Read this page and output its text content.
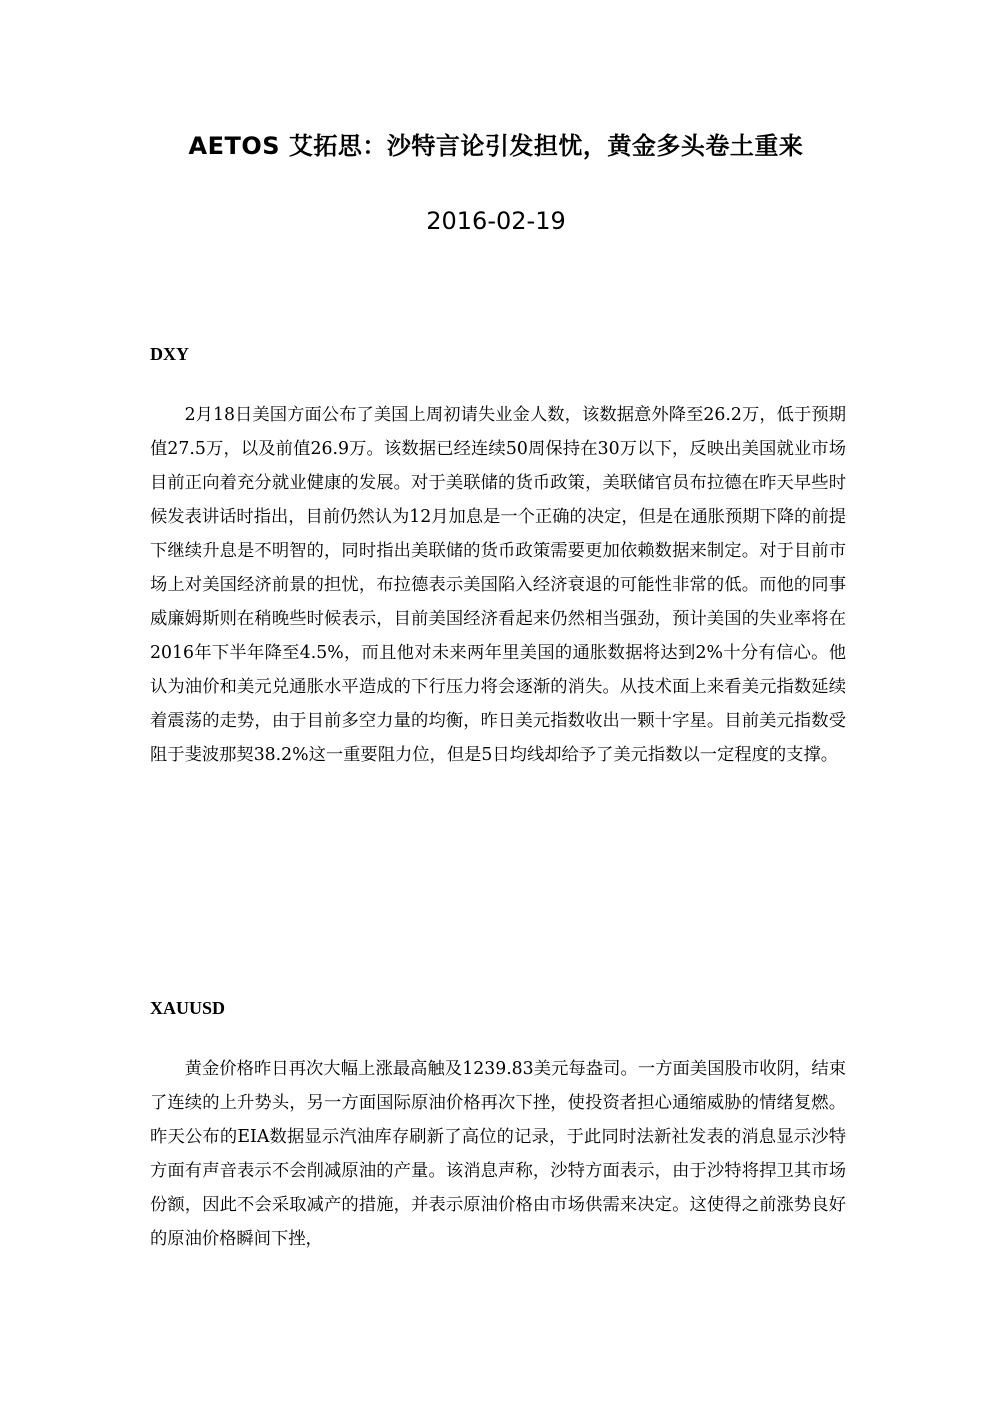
AETOS 艾拓思：沙特言论引发担忧，黄金多头卷土重来
2016-02-19
DXY

2月18日美国方面公布了美国上周初请失业金人数，该数据意外降至26.2万，低于预期值27.5万，以及前值26.9万。该数据已经连续50周保持在30万以下，反映出美国就业市场目前正向着充分就业健康的发展。对于美联储的货币政策，美联储官员布拉德在昨天早些时候发表讲话时指出，目前仍然认为12月加息是一个正确的决定，但是在通胀预期下降的前提下继续升息是不明智的，同时指出美联储的货币政策需要更加依赖数据来制定。对于目前市场上对美国经济前景的担忧，布拉德表示美国陷入经济衰退的可能性非常的低。而他的同事威廉姆斯则在稍晚些时候表示，目前美国经济看起来仍然相当强劲，预计美国的失业率将在2016年下半年降至4.5%，而且他对未来两年里美国的通胀数据将达到2%十分有信心。他认为油价和美元兑通胀水平造成的下行压力将会逐渐的消失。从技术面上来看美元指数延续着震荡的走势，由于目前多空力量的均衡，昨日美元指数收出一颗十字星。目前美元指数受阻于斐波那契38.2%这一重要阻力位，但是5日均线却给予了美元指数以一定程度的支撑。

XAUUSD

黄金价格昨日再次大幅上涨最高触及1239.83美元每盎司。一方面美国股市收阴，结束了连续的上升势头，另一方面国际原油价格再次下挫，使投资者担心通缩威胁的情绪复燃。昨天公布的EIA数据显示汽油库存刷新了高位的记录，于此同时法新社发表的消息显示沙特方面有声音表示不会削减原油的产量。该消息声称，沙特方面表示，由于沙特将捍卫其市场份额，因此不会采取减产的措施，并表示原油价格由市场供需来决定。这使得之前涨势良好的原油价格瞬间下挫，
